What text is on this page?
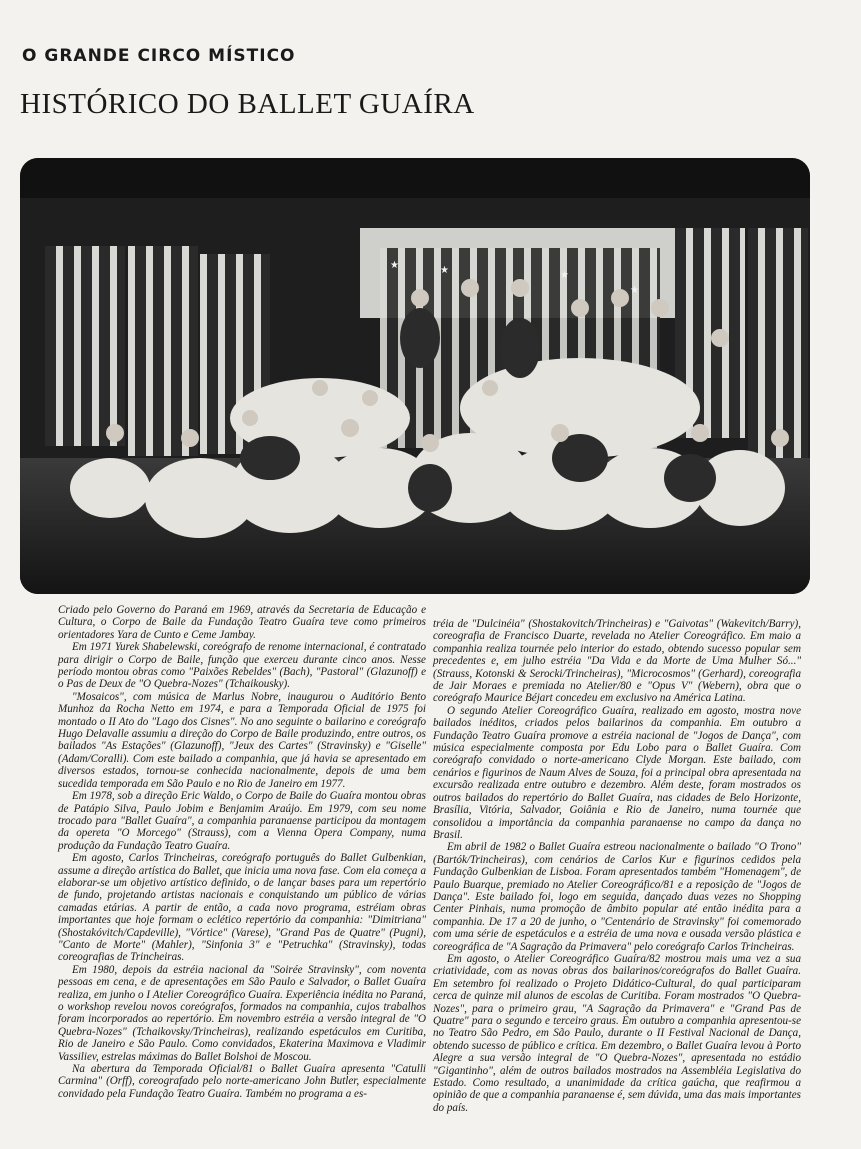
O GRANDE CIRCO MÍSTICO
HISTÓRICO DO BALLET GUAÍRA
★	★	★
★

Criado pelo Governo do Paraná em 1969, através da Secretaria de Educação e Cultura, o Corpo de Baile da Fundação Teatro Guaíra teve como primeiros orientadores Yara de Cunto e Ceme Jambay.

Em 1971 Yurek Shabelewski, coreógrafo de renome internacional, é contratado para dirigir o Corpo de Baile, função que exerceu durante cinco anos. Nesse período montou obras como "Paixões Rebeldes" (Bach), "Pastoral" (Glazunoff) e o Pas de Deux de "O Quebra-Nozes" (Tchaikousky).

"Mosaicos", com música de Marlus Nobre, inaugurou o Auditório Bento Munhoz da Rocha Netto em 1974, e para a Temporada Oficial de 1975 foi montado o II Ato do "Lago dos Cisnes". No ano seguinte o bailarino e coreógrafo Hugo Delavalle assumiu a direção do Corpo de Baile produzindo, entre outros, os bailados "As Estações" (Glazunoff), "Jeux des Cartes" (Stravinsky) e "Giselle" (Adam/Coralli). Com este bailado a companhia, que já havia se apresentado em diversos estados, tornou-se conhecida nacionalmente, depois de uma bem sucedida temporada em São Paulo e no Rio de Janeiro em 1977.

Em 1978, sob a direção Eric Waldo, o Corpo de Baile do Guaíra montou obras de Patápio Silva, Paulo Jobim e Benjamim Araújo. Em 1979, com seu nome trocado para "Ballet Guaíra", a companhia paranaense participou da montagem da opereta "O Morcego" (Strauss), com a Vienna Opera Company, numa produção da Fundação Teatro Guaíra.

Em agosto, Carlos Trincheiras, coreógrafo português do Ballet Gulbenkian, assume a direção artística do Ballet, que inicia uma nova fase. Com ela começa a elaborar-se um objetivo artístico definido, o de lançar bases para um repertório de fundo, projetando artistas nacionais e conquistando um público de várias camadas etárias. A partir de então, a cada novo programa, estréiam obras importantes que hoje formam o eclético repertório da companhia: "Dimitriana" (Shostakóvitch/Capdeville), "Vórtice" (Varese), "Grand Pas de Quatre" (Pugni), "Canto de Morte" (Mahler), "Sinfonia 3" e "Petruchka" (Stravinsky), todas coreografias de Trincheiras.

Em 1980, depois da estréia nacional da "Soirée Stravinsky", com noventa pessoas em cena, e de apresentações em São Paulo e Salvador, o Ballet Guaíra realiza, em junho o I Atelier Coreográfico Guaíra. Experiência inédita no Paraná, o workshop revelou novos coreógrafos, formados na companhia, cujos trabalhos foram incorporados ao repertório. Em novembro estréia a versão integral de "O Quebra-Nozes" (Tchaikovsky/Trincheiras), realizando espetáculos em Curitiba, Rio de Janeiro e São Paulo. Como convidados, Ekaterina Maximova e Vladimir Vassiliev, estrelas máximas do Ballet Bolshoi de Moscou.

Na abertura da Temporada Oficial/81 o Ballet Guaíra apresenta "Catulli Carmina" (Orff), coreografado pelo norte-americano John Butler, especialmente convidado pela Fundação Teatro Guaíra. Também no programa a es-

tréia de "Dulcinéia" (Shostakovitch/Trincheiras) e "Gaivotas" (Wakevitch/Barry), coreografia de Francisco Duarte, revelada no Atelier Coreográfico. Em maio a companhia realiza tournée pelo interior do estado, obtendo sucesso popular sem precedentes e, em julho estréia "Da Vida e da Morte de Uma Mulher Só..." (Strauss, Kotonski & Serocki/Trincheiras), "Microcosmos" (Gerhard), coreografia de Jair Moraes e premiada no Atelier/80 e "Opus V" (Webern), obra que o coreógrafo Maurice Béjart concedeu em exclusivo na América Latina.

O segundo Atelier Coreográfico Guaíra, realizado em agosto, mostra nove bailados inéditos, criados pelos bailarinos da companhia. Em outubro a Fundação Teatro Guaíra promove a estréia nacional de "Jogos de Dança", com música especialmente composta por Edu Lobo para o Ballet Guaíra. Com coreógrafo convidado o norte-americano Clyde Morgan. Este bailado, com cenários e figurinos de Naum Alves de Souza, foi a principal obra apresentada na excursão realizada entre outubro e dezembro. Além deste, foram mostrados os outros bailados do repertório do Ballet Guaíra, nas cidades de Belo Horizonte, Brasília, Vitória, Salvador, Goiânia e Rio de Janeiro, numa tournée que consolidou a importância da companhia paranaense no campo da dança no Brasil.

Em abril de 1982 o Ballet Guaíra estreou nacionalmente o bailado "O Trono" (Bartók/Trincheiras), com cenários de Carlos Kur e figurinos cedidos pela Fundação Gulbenkian de Lisboa. Foram apresentados também "Homenagem", de Paulo Buarque, premiado no Atelier Coreográfico/81 e a reposição de "Jogos de Dança". Este bailado foi, logo em seguida, dançado duas vezes no Shopping Center Pinhais, numa promoção de âmbito popular até então inédita para a companhia. De 17 a 20 de junho, o "Centenário de Stravinsky" foi comemorado com uma série de espetáculos e a estréia de uma nova e ousada versão plástica e coreográfica de "A Sagração da Primavera" pelo coreógrafo Carlos Trincheiras.

Em agosto, o Atelier Coreográfico Guaíra/82 mostrou mais uma vez a sua criatividade, com as novas obras dos bailarinos/coreógrafos do Ballet Guaíra. Em setembro foi realizado o Projeto Didático-Cultural, do qual participaram cerca de quinze mil alunos de escolas de Curitiba. Foram mostrados "O Quebra-Nozes", para o primeiro grau, "A Sagração da Primavera" e "Grand Pas de Quatre" para o segundo e terceiro graus. Em outubro a companhia apresentou-se no Teatro São Pedro, em São Paulo, durante o II Festival Nacional de Dança, obtendo sucesso de público e crítica. Em dezembro, o Ballet Guaíra levou à Porto Alegre a sua versão integral de "O Quebra-Nozes", apresentada no estádio "Gigantinho", além de outros bailados mostrados na Assembléia Legislativa do Estado. Como resultado, a unanimidade da crítica gaúcha, que reafirmou a opinião de que a companhia paranaense é, sem dúvida, uma das mais importantes do país.
